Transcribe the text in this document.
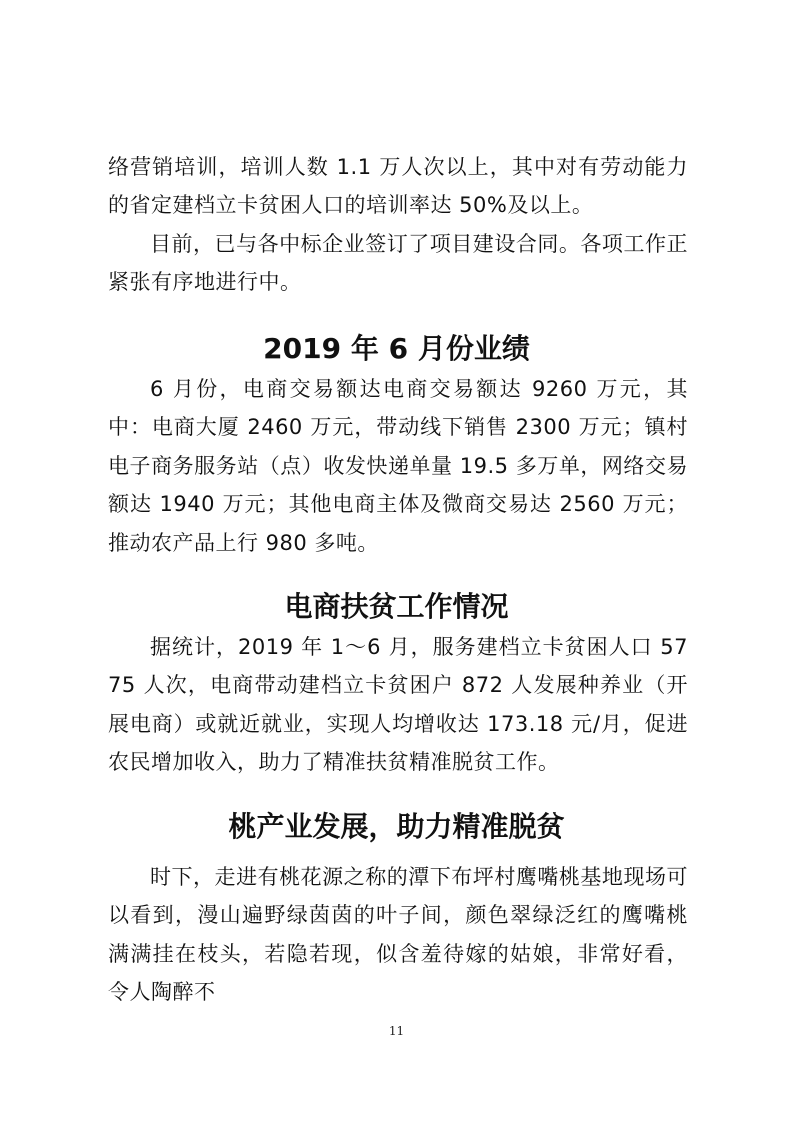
络营销培训，培训人数 1.1 万人次以上，其中对有劳动能力的省定建档立卡贫困人口的培训率达 50%及以上。

目前，已与各中标企业签订了项目建设合同。各项工作正紧张有序地进行中。

2019 年 6 月份业绩

6 月份，电商交易额达电商交易额达 9260 万元，其中：电商大厦 2460 万元，带动线下销售 2300 万元；镇村电子商务服务站（点）收发快递单量 19.5 多万单，网络交易额达 1940 万元；其他电商主体及微商交易达 2560 万元；推动农产品上行 980 多吨。

电商扶贫工作情况

据统计，2019 年 1～6 月，服务建档立卡贫困人口 5775 人次，电商带动建档立卡贫困户 872 人发展种养业（开展电商）或就近就业，实现人均增收达 173.18 元/月，促进农民增加收入，助力了精准扶贫精准脱贫工作。

桃产业发展，助力精准脱贫

时下，走进有桃花源之称的潭下布坪村鹰嘴桃基地现场可以看到，漫山遍野绿茵茵的叶子间，颜色翠绿泛红的鹰嘴桃满满挂在枝头，若隐若现，似含羞待嫁的姑娘，非常好看，令人陶醉不

11
